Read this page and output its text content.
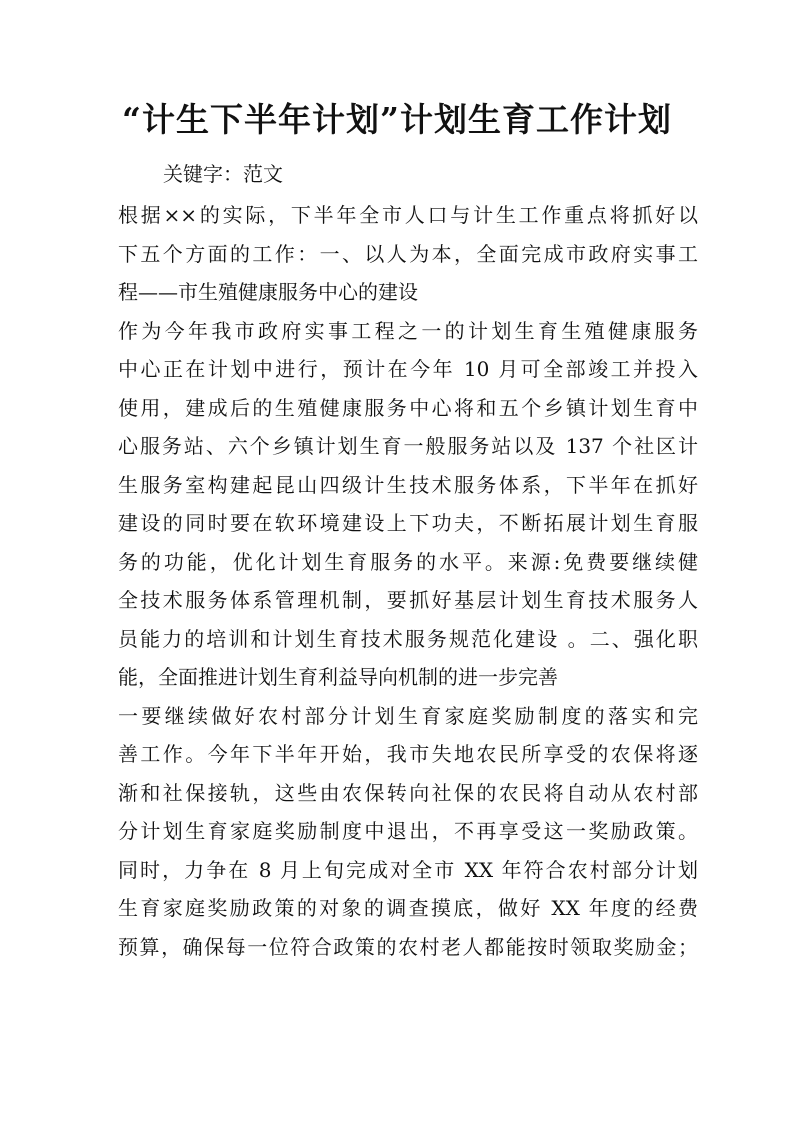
“计生下半年计划”计划生育工作计划
关键字：范文
根据××的实际，下半年全市人口与计生工作重点将抓好以
下五个方面的工作：一、以人为本，全面完成市政府实事工
程——市生殖健康服务中心的建设
作为今年我市政府实事工程之一的计划生育生殖健康服务
中心正在计划中进行，预计在今年 10 月可全部竣工并投入
使用，建成后的生殖健康服务中心将和五个乡镇计划生育中
心服务站、六个乡镇计划生育一般服务站以及 137 个社区计
生服务室构建起昆山四级计生技术服务体系，下半年在抓好
建设的同时要在软环境建设上下功夫，不断拓展计划生育服
务的功能，优化计划生育服务的水平。来源:免费要继续健
全技术服务体系管理机制，要抓好基层计划生育技术服务人
员能力的培训和计划生育技术服务规范化建设 。二、强化职
能，全面推进计划生育利益导向机制的进一步完善
一要继续做好农村部分计划生育家庭奖励制度的落实和完
善工作。今年下半年开始，我市失地农民所享受的农保将逐
渐和社保接轨，这些由农保转向社保的农民将自动从农村部
分计划生育家庭奖励制度中退出，不再享受这一奖励政策。
同时，力争在 8 月上旬完成对全市 XX 年符合农村部分计划
生育家庭奖励政策的对象的调查摸底，做好 XX 年度的经费
预算，确保每一位符合政策的农村老人都能按时领取奖励金；
